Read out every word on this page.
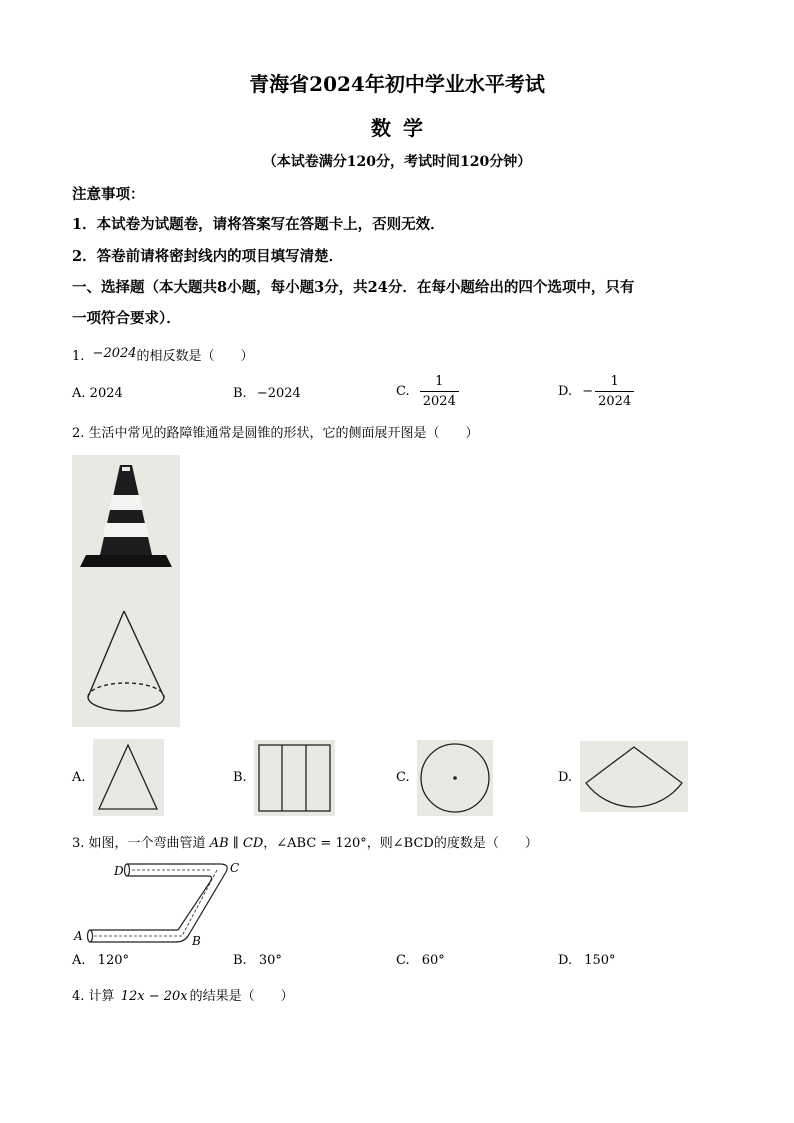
青海省2024年初中学业水平考试
数学
（本试卷满分120分，考试时间120分钟）
注意事项：
1．本试卷为试题卷，请将答案写在答题卡上，否则无效．
2．答卷前请将密封线内的项目填写清楚．
一、选择题（本大题共8小题，每小题3分，共24分．在每小题给出的四个选项中，只有
一项符合要求）．
1. −2024的相反数是（　　）
A. 2024	B. −2024	C. $\frac{1}{2024}$	D. − $\frac{1}{2024}$
2. 生活中常见的路障锥通常是圆锥的形状，它的侧面展开图是（　　）
A.	B.	C.	D.
3. 如图，一个弯曲管道 AB ∥ CD，∠ABC = 120°，则∠BCD的度数是（　　）
D	C
A	B
A. 120°	B. 30°	C. 60°	D. 150°
4. 计算 12x − 20x 的结果是（　　）
